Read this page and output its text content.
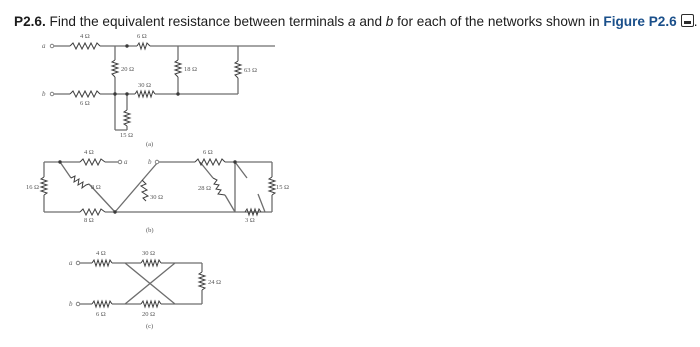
P2.6. Find the equivalent resistance between terminals a and b for each of the networks shown in Figure P2.6 .
a
b
4 Ω	6 Ω
20 Ω
30 Ω
18 Ω	63 Ω
6 Ω
15 Ω
(a)
a	b
4 Ω
16 Ω	8 Ω
8 Ω
30 Ω
6 Ω
28 Ω	15 Ω
3 Ω
(b)
a
b
4 Ω	30 Ω
6 Ω	20 Ω
24 Ω
(c)
